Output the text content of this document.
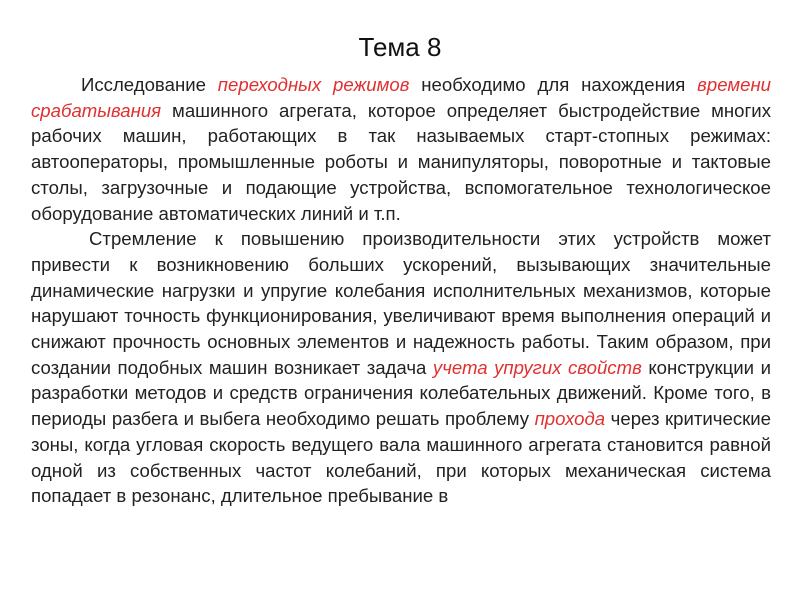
Тема 8

Исследование переходных режимов необходимо для нахождения времени срабатывания машинного агрегата, которое определяет быстродействие многих рабочих машин, работающих в так называемых старт-стопных режимах: автооператоры, промышленные роботы и манипуляторы, поворотные и тактовые столы, загрузочные и подающие устройства, вспомогательное технологическое оборудование автоматических линий и т.п.

Стремление к повышению производительности этих устройств может привести к возникновению больших ускорений, вызывающих значительные динамические нагрузки и упругие колебания исполнительных механизмов, которые нарушают точность функционирования, увеличивают время выполнения операций и снижают прочность основных элементов и надежность работы. Таким образом, при создании подобных машин возникает задача учета упругих свойств конструкции и разработки методов и средств ограничения колебательных движений. Кроме того, в периоды разбега и выбега необходимо решать проблему прохода через критические зоны, когда угловая скорость ведущего вала машинного агрегата становится равной одной из собственных частот колебаний, при которых механическая система попадает в резонанс, длительное пребывание в
